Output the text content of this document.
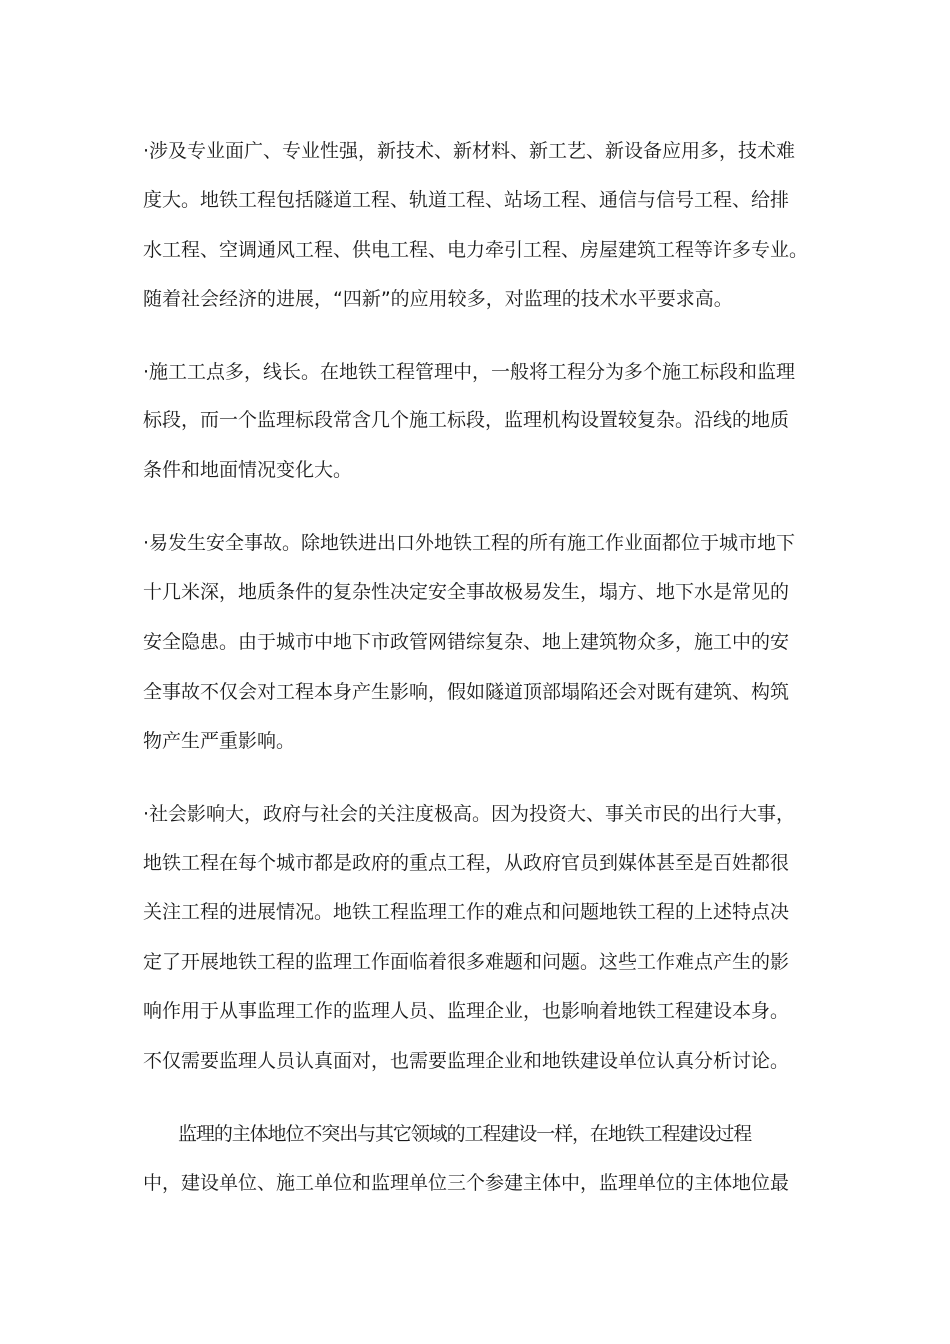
·涉及专业面广、专业性强，新技术、新材料、新工艺、新设备应用多，技术难
度大。地铁工程包括隧道工程、轨道工程、站场工程、通信与信号工程、给排
水工程、空调通风工程、供电工程、电力牵引工程、房屋建筑工程等许多专业。
随着社会经济的进展，“四新”的应用较多，对监理的技术水平要求高。
·施工工点多，线长。在地铁工程管理中，一般将工程分为多个施工标段和监理
标段，而一个监理标段常含几个施工标段，监理机构设置较复杂。沿线的地质
条件和地面情况变化大。
·易发生安全事故。除地铁进出口外地铁工程的所有施工作业面都位于城市地下
十几米深，地质条件的复杂性决定安全事故极易发生，塌方、地下水是常见的
安全隐患。由于城市中地下市政管网错综复杂、地上建筑物众多，施工中的安
全事故不仅会对工程本身产生影响，假如隧道顶部塌陷还会对既有建筑、构筑
物产生严重影响。
·社会影响大，政府与社会的关注度极高。因为投资大、事关市民的出行大事，
地铁工程在每个城市都是政府的重点工程，从政府官员到媒体甚至是百姓都很
关注工程的进展情况。地铁工程监理工作的难点和问题地铁工程的上述特点决
定了开展地铁工程的监理工作面临着很多难题和问题。这些工作难点产生的影
响作用于从事监理工作的监理人员、监理企业，也影响着地铁工程建设本身。
不仅需要监理人员认真面对，也需要监理企业和地铁建设单位认真分析讨论。
监理的主体地位不突出与其它领域的工程建设一样，在地铁工程建设过程
中，建设单位、施工单位和监理单位三个参建主体中，监理单位的主体地位最
